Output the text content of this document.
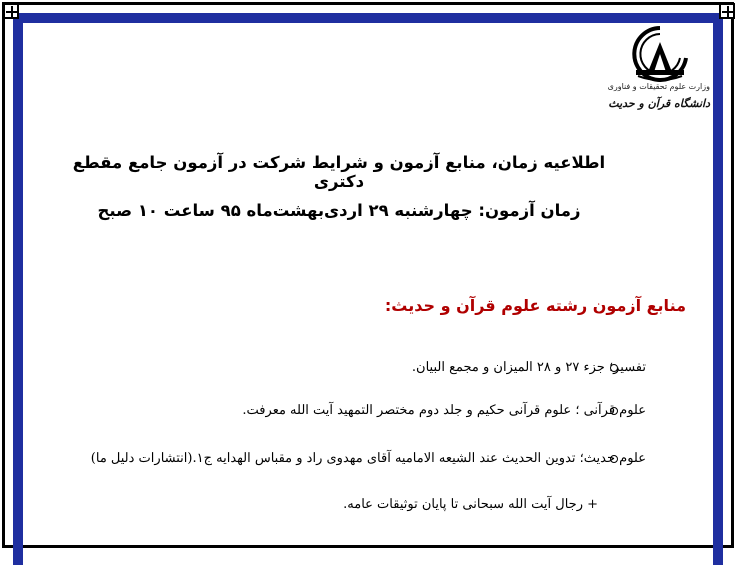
وزارت علوم تحقیقات و فناوری
دانشگاه قرآن و حدیث
اطلاعیه زمان، منابع آزمون و شرایط شرکت در آزمون جامع مقطع دکتری
زمان آزمون: چهارشنبه ۲۹ اردی‌بهشت‌ماه ۹۵ ساعت ۱۰ صبح
منابع آزمون رشته علوم قرآن و حدیث:
تفسیر؛ جزء ۲۷ و ۲۸ المیزان و مجمع البیان.
علوم قرآنی ؛ علوم قرآنی حکیم و جلد دوم مختصر التمهید آیت الله معرفت.
علوم حدیث؛ تدوین الحدیث عند الشیعه الامامیه آقای مهدوی راد و مقباس الهدایه ج۱.(انتشارات دلیل ما)
+ رجال آیت الله سبحانی تا پایان توثیقات عامه.
